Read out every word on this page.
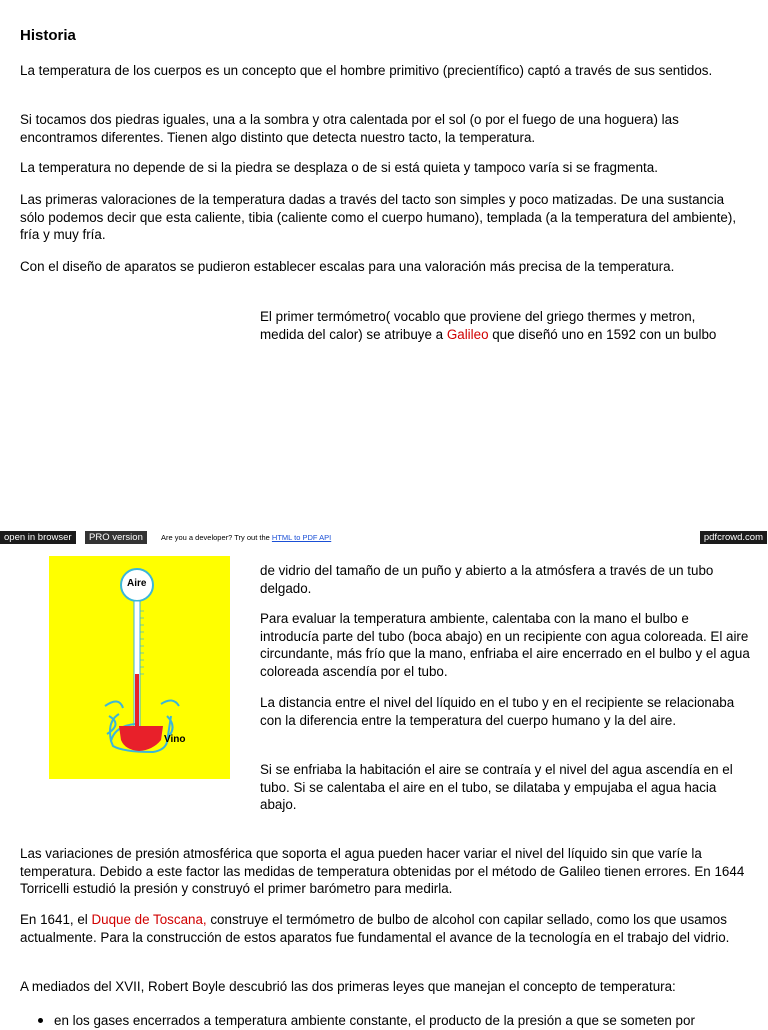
Historia

La temperatura de los cuerpos es un concepto que el hombre primitivo (precientífico) captó a través de sus sentidos.

Si tocamos dos piedras iguales, una a la sombra y otra calentada por el sol (o por el fuego de una hoguera) las encontramos diferentes. Tienen algo distinto que detecta nuestro tacto, la temperatura.

La temperatura no depende de si la piedra se desplaza o de si está quieta y tampoco varía si se fragmenta.

Las primeras valoraciones de la temperatura dadas a través del tacto son simples y poco matizadas. De una sustancia sólo podemos decir que esta caliente, tibia (caliente como el cuerpo humano), templada (a la temperatura del ambiente), fría y muy fría.

Con el diseño de aparatos se pudieron establecer escalas para una valoración más precisa de la temperatura.

El primer termómetro( vocablo que proviene del griego thermes y metron,
medida del calor) se atribuye a Galileo que diseñó uno en 1592 con un bulbo

open in browser	PRO version	Are you a developer? Try out the HTML to PDF API	pdfcrowd.com
Aire
Vino

de vidrio del tamaño de un puño y abierto a la atmósfera a través de un tubo delgado.

Para evaluar la temperatura ambiente, calentaba con la mano el bulbo e introducía parte del tubo (boca abajo) en un recipiente con agua coloreada. El aire circundante, más frío que la mano, enfriaba el aire encerrado en el bulbo y el agua coloreada ascendía por el tubo.

La distancia entre el nivel del líquido en el tubo y en el recipiente se relacionaba con la diferencia entre la temperatura del cuerpo humano y la del aire.

Si se enfriaba la habitación el aire se contraía y el nivel del agua ascendía en el tubo. Si se calentaba el aire en el tubo, se dilataba y empujaba el agua hacia abajo.

Las variaciones de presión atmosférica que soporta el agua pueden hacer variar el nivel del líquido sin que varíe la temperatura. Debido a este factor las medidas de temperatura obtenidas por el método de Galileo tienen errores. En 1644 Torricelli estudió la presión y construyó el primer barómetro para medirla.

En 1641, el Duque de Toscana, construye el termómetro de bulbo de alcohol con capilar sellado, como los que usamos actualmente. Para la construcción de estos aparatos fue fundamental el avance de la tecnología en el trabajo del vidrio.

A mediados del XVII, Robert Boyle descubrió las dos primeras leyes que manejan el concepto de temperatura:

en los gases encerrados a temperatura ambiente constante, el producto de la presión a que se someten por
